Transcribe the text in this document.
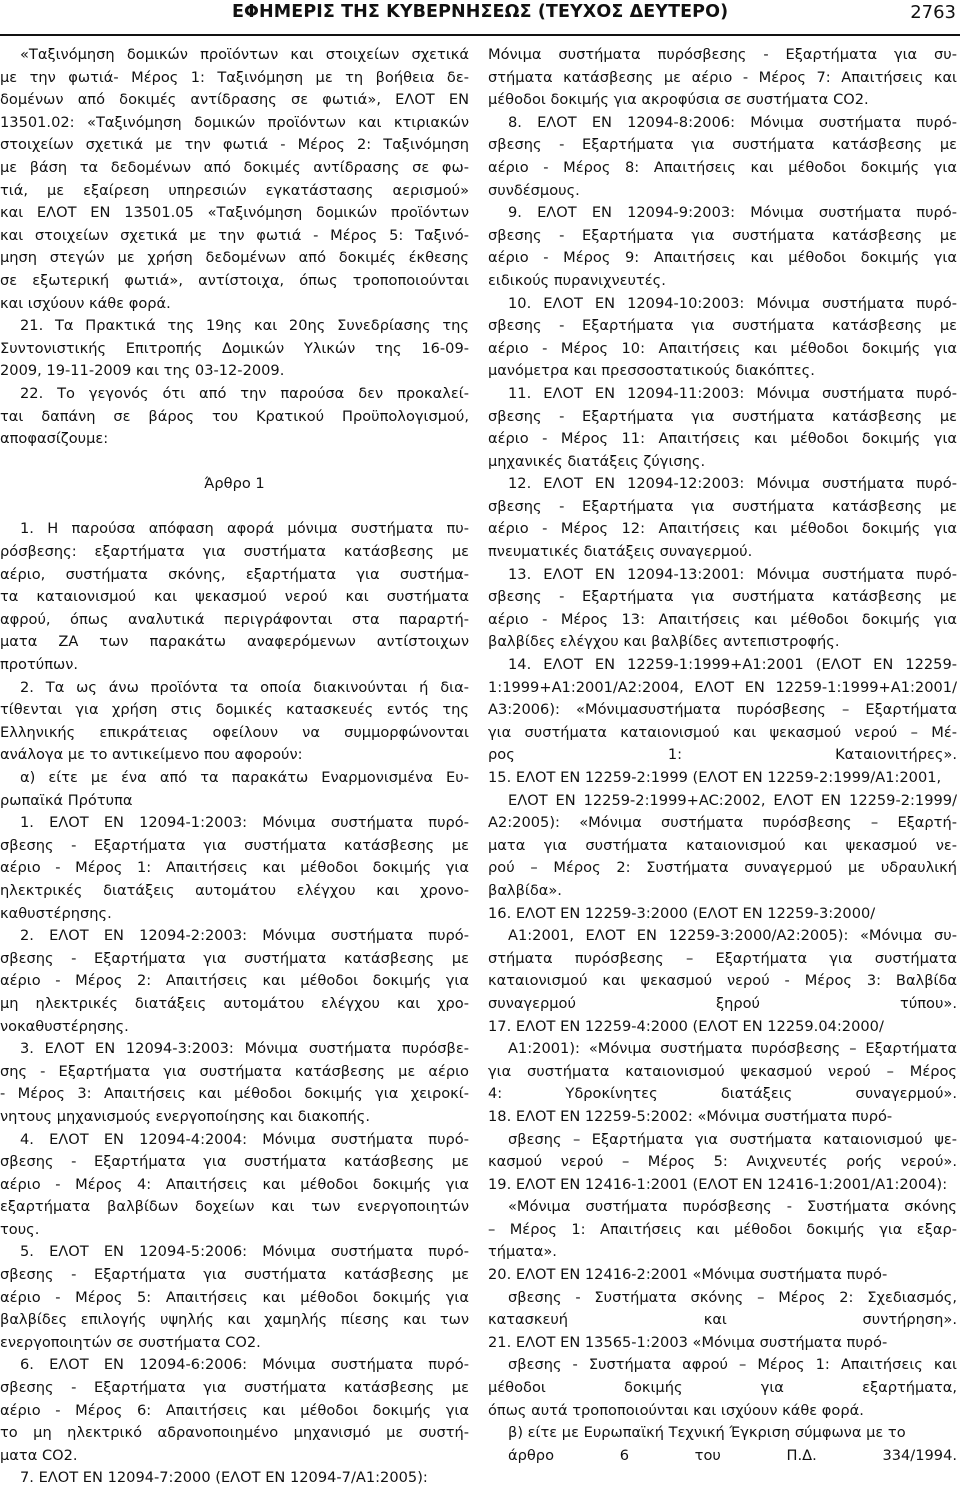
ΕΦΗΜΕΡΙΣ ΤΗΣ ΚΥΒΕΡΝΗΣΕΩΣ (ΤΕΥΧΟΣ ΔΕΥΤΕΡΟ)	2763
«Ταξινόμηση δομικών προϊόντων και στοιχείων σχετικά
με την φωτιά- Μέρος 1: Ταξινόμηση με τη βοήθεια δε-
δομένων από δοκιμές αντίδρασης σε φωτιά», ΕΛΟΤ ΕΝ
13501.02: «Ταξινόμηση δομικών προϊόντων και κτιριακών
στοιχείων σχετικά με την φωτιά - Μέρος 2: Ταξινόμηση
με βάση τα δεδομένων από δοκιμές αντίδρασης σε φω-
τιά, με εξαίρεση υπηρεσιών εγκατάστασης αερισμού»
και ΕΛΟΤ ΕΝ 13501.05 «Ταξινόμηση δομικών προϊόντων
και στοιχείων σχετικά με την φωτιά - Μέρος 5: Ταξινό-
μηση στεγών με χρήση δεδομένων από δοκιμές έκθεσης
σε εξωτερική φωτιά», αντίστοιχα, όπως τροποποιούνται
και ισχύουν κάθε φορά.
21. Τα Πρακτικά της 19ης και 20ης Συνεδρίασης της
Συντονιστικής Επιτροπής Δομικών Υλικών της 16-09-
2009, 19-11-2009 και της 03-12-2009.
22. Το γεγονός ότι από την παρούσα δεν προκαλεί-
ται δαπάνη σε βάρος του Κρατικού Προϋπολογισμού,
αποφασίζουμε:

Άρθρο 1

1. Η παρούσα απόφαση αφορά μόνιμα συστήματα πυ-
ρόσβεσης: εξαρτήματα για συστήματα κατάσβεσης με
αέριο, συστήματα σκόνης, εξαρτήματα για συστήμα-
τα καταιονισμού και ψεκασμού νερού και συστήματα
αφρού, όπως αναλυτικά περιγράφονται στα παραρτή-
ματα ΖΑ των παρακάτω αναφερόμενων αντίστοιχων
προτύπων.
2. Τα ως άνω προϊόντα τα οποία διακινούνται ή δια-
τίθενται για χρήση στις δομικές κατασκευές εντός της
Ελληνικής επικράτειας οφείλουν να συμμορφώνονται
ανάλογα με το αντικείμενο που αφορούν:
α) είτε με ένα από τα παρακάτω Εναρμονισμένα Ευ-
ρωπαϊκά Πρότυπα
1. ΕΛΟΤ ΕΝ 12094-1:2003: Μόνιμα συστήματα πυρό-
σβεσης - Εξαρτήματα για συστήματα κατάσβεσης με
αέριο - Μέρος 1: Απαιτήσεις και μέθοδοι δοκιμής για
ηλεκτρικές διατάξεις αυτομάτου ελέγχου και χρονο-
καθυστέρησης.
2. ΕΛΟΤ ΕΝ 12094-2:2003: Μόνιμα συστήματα πυρό-
σβεσης - Εξαρτήματα για συστήματα κατάσβεσης με
αέριο - Μέρος 2: Απαιτήσεις και μέθοδοι δοκιμής για
μη ηλεκτρικές διατάξεις αυτομάτου ελέγχου και χρο-
νοκαθυστέρησης.
3. ΕΛΟΤ ΕΝ 12094-3:2003: Μόνιμα συστήματα πυρόσβε-
σης - Εξαρτήματα για συστήματα κατάσβεσης με αέριο
- Μέρος 3: Απαιτήσεις και μέθοδοι δοκιμής για χειροκί-
νητους μηχανισμούς ενεργοποίησης και διακοπής.
4. ΕΛΟΤ ΕΝ 12094-4:2004: Μόνιμα συστήματα πυρό-
σβεσης - Εξαρτήματα για συστήματα κατάσβεσης με
αέριο - Μέρος 4: Απαιτήσεις και μέθοδοι δοκιμής για
εξαρτήματα βαλβίδων δοχείων και των ενεργοποιητών
τους.
5. ΕΛΟΤ ΕΝ 12094-5:2006: Μόνιμα συστήματα πυρό-
σβεσης - Εξαρτήματα για συστήματα κατάσβεσης με
αέριο - Μέρος 5: Απαιτήσεις και μέθοδοι δοκιμής για
βαλβίδες επιλογής υψηλής και χαμηλής πίεσης και των
ενεργοποιητών σε συστήματα CO2.
6. ΕΛΟΤ ΕΝ 12094-6:2006: Μόνιμα συστήματα πυρό-
σβεσης - Εξαρτήματα για συστήματα κατάσβεσης με
αέριο - Μέρος 6: Απαιτήσεις και μέθοδοι δοκιμής για
το μη ηλεκτρικό αδρανοποιημένο μηχανισμό με συστή-
ματα CO2.
7. ΕΛΟΤ ΕΝ 12094-7:2000 (ΕΛΟΤ ΕΝ 12094-7/Α1:2005):
Μόνιμα συστήματα πυρόσβεσης - Εξαρτήματα για συ-
στήματα κατάσβεσης με αέριο - Μέρος 7: Απαιτήσεις και
μέθοδοι δοκιμής για ακροφύσια σε συστήματα CO2.
8. ΕΛΟΤ ΕΝ 12094-8:2006: Μόνιμα συστήματα πυρό-
σβεσης - Εξαρτήματα για συστήματα κατάσβεσης με
αέριο - Μέρος 8: Απαιτήσεις και μέθοδοι δοκιμής για
συνδέσμους.
9. ΕΛΟΤ ΕΝ 12094-9:2003: Μόνιμα συστήματα πυρό-
σβεσης - Εξαρτήματα για συστήματα κατάσβεσης με
αέριο - Μέρος 9: Απαιτήσεις και μέθοδοι δοκιμής για
ειδικούς πυρανιχνευτές.
10. ΕΛΟΤ ΕΝ 12094-10:2003: Μόνιμα συστήματα πυρό-
σβεσης - Εξαρτήματα για συστήματα κατάσβεσης με
αέριο - Μέρος 10: Απαιτήσεις και μέθοδοι δοκιμής για
μανόμετρα και πρεσσοστατικούς διακόπτες.
11. ΕΛΟΤ ΕΝ 12094-11:2003: Μόνιμα συστήματα πυρό-
σβεσης - Εξαρτήματα για συστήματα κατάσβεσης με
αέριο - Μέρος 11: Απαιτήσεις και μέθοδοι δοκιμής για
μηχανικές διατάξεις ζύγισης.
12. ΕΛΟΤ ΕΝ 12094-12:2003: Μόνιμα συστήματα πυρό-
σβεσης - Εξαρτήματα για συστήματα κατάσβεσης με
αέριο - Μέρος 12: Απαιτήσεις και μέθοδοι δοκιμής για
πνευματικές διατάξεις συναγερμού.
13. ΕΛΟΤ ΕΝ 12094-13:2001: Μόνιμα συστήματα πυρό-
σβεσης - Εξαρτήματα για συστήματα κατάσβεσης με
αέριο - Μέρος 13: Απαιτήσεις και μέθοδοι δοκιμής για
βαλβίδες ελέγχου και βαλβίδες αντεπιστροφής.
14. ΕΛΟΤ ΕΝ 12259-1:1999+Α1:2001 (ΕΛΟΤ ΕΝ 12259-
1:1999+Α1:2001/Α2:2004, ΕΛΟΤ ΕΝ 12259-1:1999+Α1:2001/
Α3:2006): «Μόνιμασυστήματα πυρόσβεσης – Εξαρτήματα
για συστήματα καταιονισμού και ψεκασμού νερού – Μέ-
ρος 1: Καταιονιτήρες».
15. ΕΛΟΤ ΕΝ 12259-2:1999 (ΕΛΟΤ ΕΝ 12259-2:1999/Α1:2001,
ΕΛΟΤ ΕΝ 12259-2:1999+AC:2002, ΕΛΟΤ ΕΝ 12259-2:1999/
Α2:2005): «Μόνιμα συστήματα πυρόσβεσης – Εξαρτή-
ματα για συστήματα καταιονισμού και ψεκασμού νε-
ρού – Μέρος 2: Συστήματα συναγερμού με υδραυλική
βαλβίδα».
16. ΕΛΟΤ ΕΝ 12259-3:2000 (ΕΛΟΤ ΕΝ 12259-3:2000/
Α1:2001, ΕΛΟΤ ΕΝ 12259-3:2000/Α2:2005): «Μόνιμα συ-
στήματα πυρόσβεσης – Εξαρτήματα για συστήματα
καταιονισμού και ψεκασμού νερού - Μέρος 3: Βαλβίδα
συναγερμού ξηρού τύπου».
17. ΕΛΟΤ ΕΝ 12259-4:2000 (ΕΛΟΤ ΕΝ 12259.04:2000/
Α1:2001): «Μόνιμα συστήματα πυρόσβεσης – Εξαρτήματα
για συστήματα καταιονισμού ψεκασμού νερού – Μέρος
4: Υδροκίνητες διατάξεις συναγερμού».
18. ΕΛΟΤ ΕΝ 12259-5:2002: «Μόνιμα συστήματα πυρό-
σβεσης – Εξαρτήματα για συστήματα καταιονισμού ψε-
κασμού νερού – Μέρος 5: Ανιχνευτές ροής νερού».
19. ΕΛΟΤ ΕΝ 12416-1:2001 (ΕΛΟΤ ΕΝ 12416-1:2001/Α1:2004):
«Μόνιμα συστήματα πυρόσβεσης - Συστήματα σκόνης
– Μέρος 1: Απαιτήσεις και μέθοδοι δοκιμής για εξαρ-
τήματα».
20. ΕΛΟΤ ΕΝ 12416-2:2001 «Μόνιμα συστήματα πυρό-
σβεσης - Συστήματα σκόνης – Μέρος 2: Σχεδιασμός,
κατασκευή και συντήρηση».
21. ΕΛΟΤ ΕΝ 13565-1:2003 «Μόνιμα συστήματα πυρό-
σβεσης - Συστήματα αφρού – Μέρος 1: Απαιτήσεις και
μέθοδοι δοκιμής για εξαρτήματα,
όπως αυτά τροποποιούνται και ισχύουν κάθε φορά.
β) είτε με Ευρωπαϊκή Τεχνική Έγκριση σύμφωνα με το
άρθρο 6 του Π.Δ. 334/1994.
